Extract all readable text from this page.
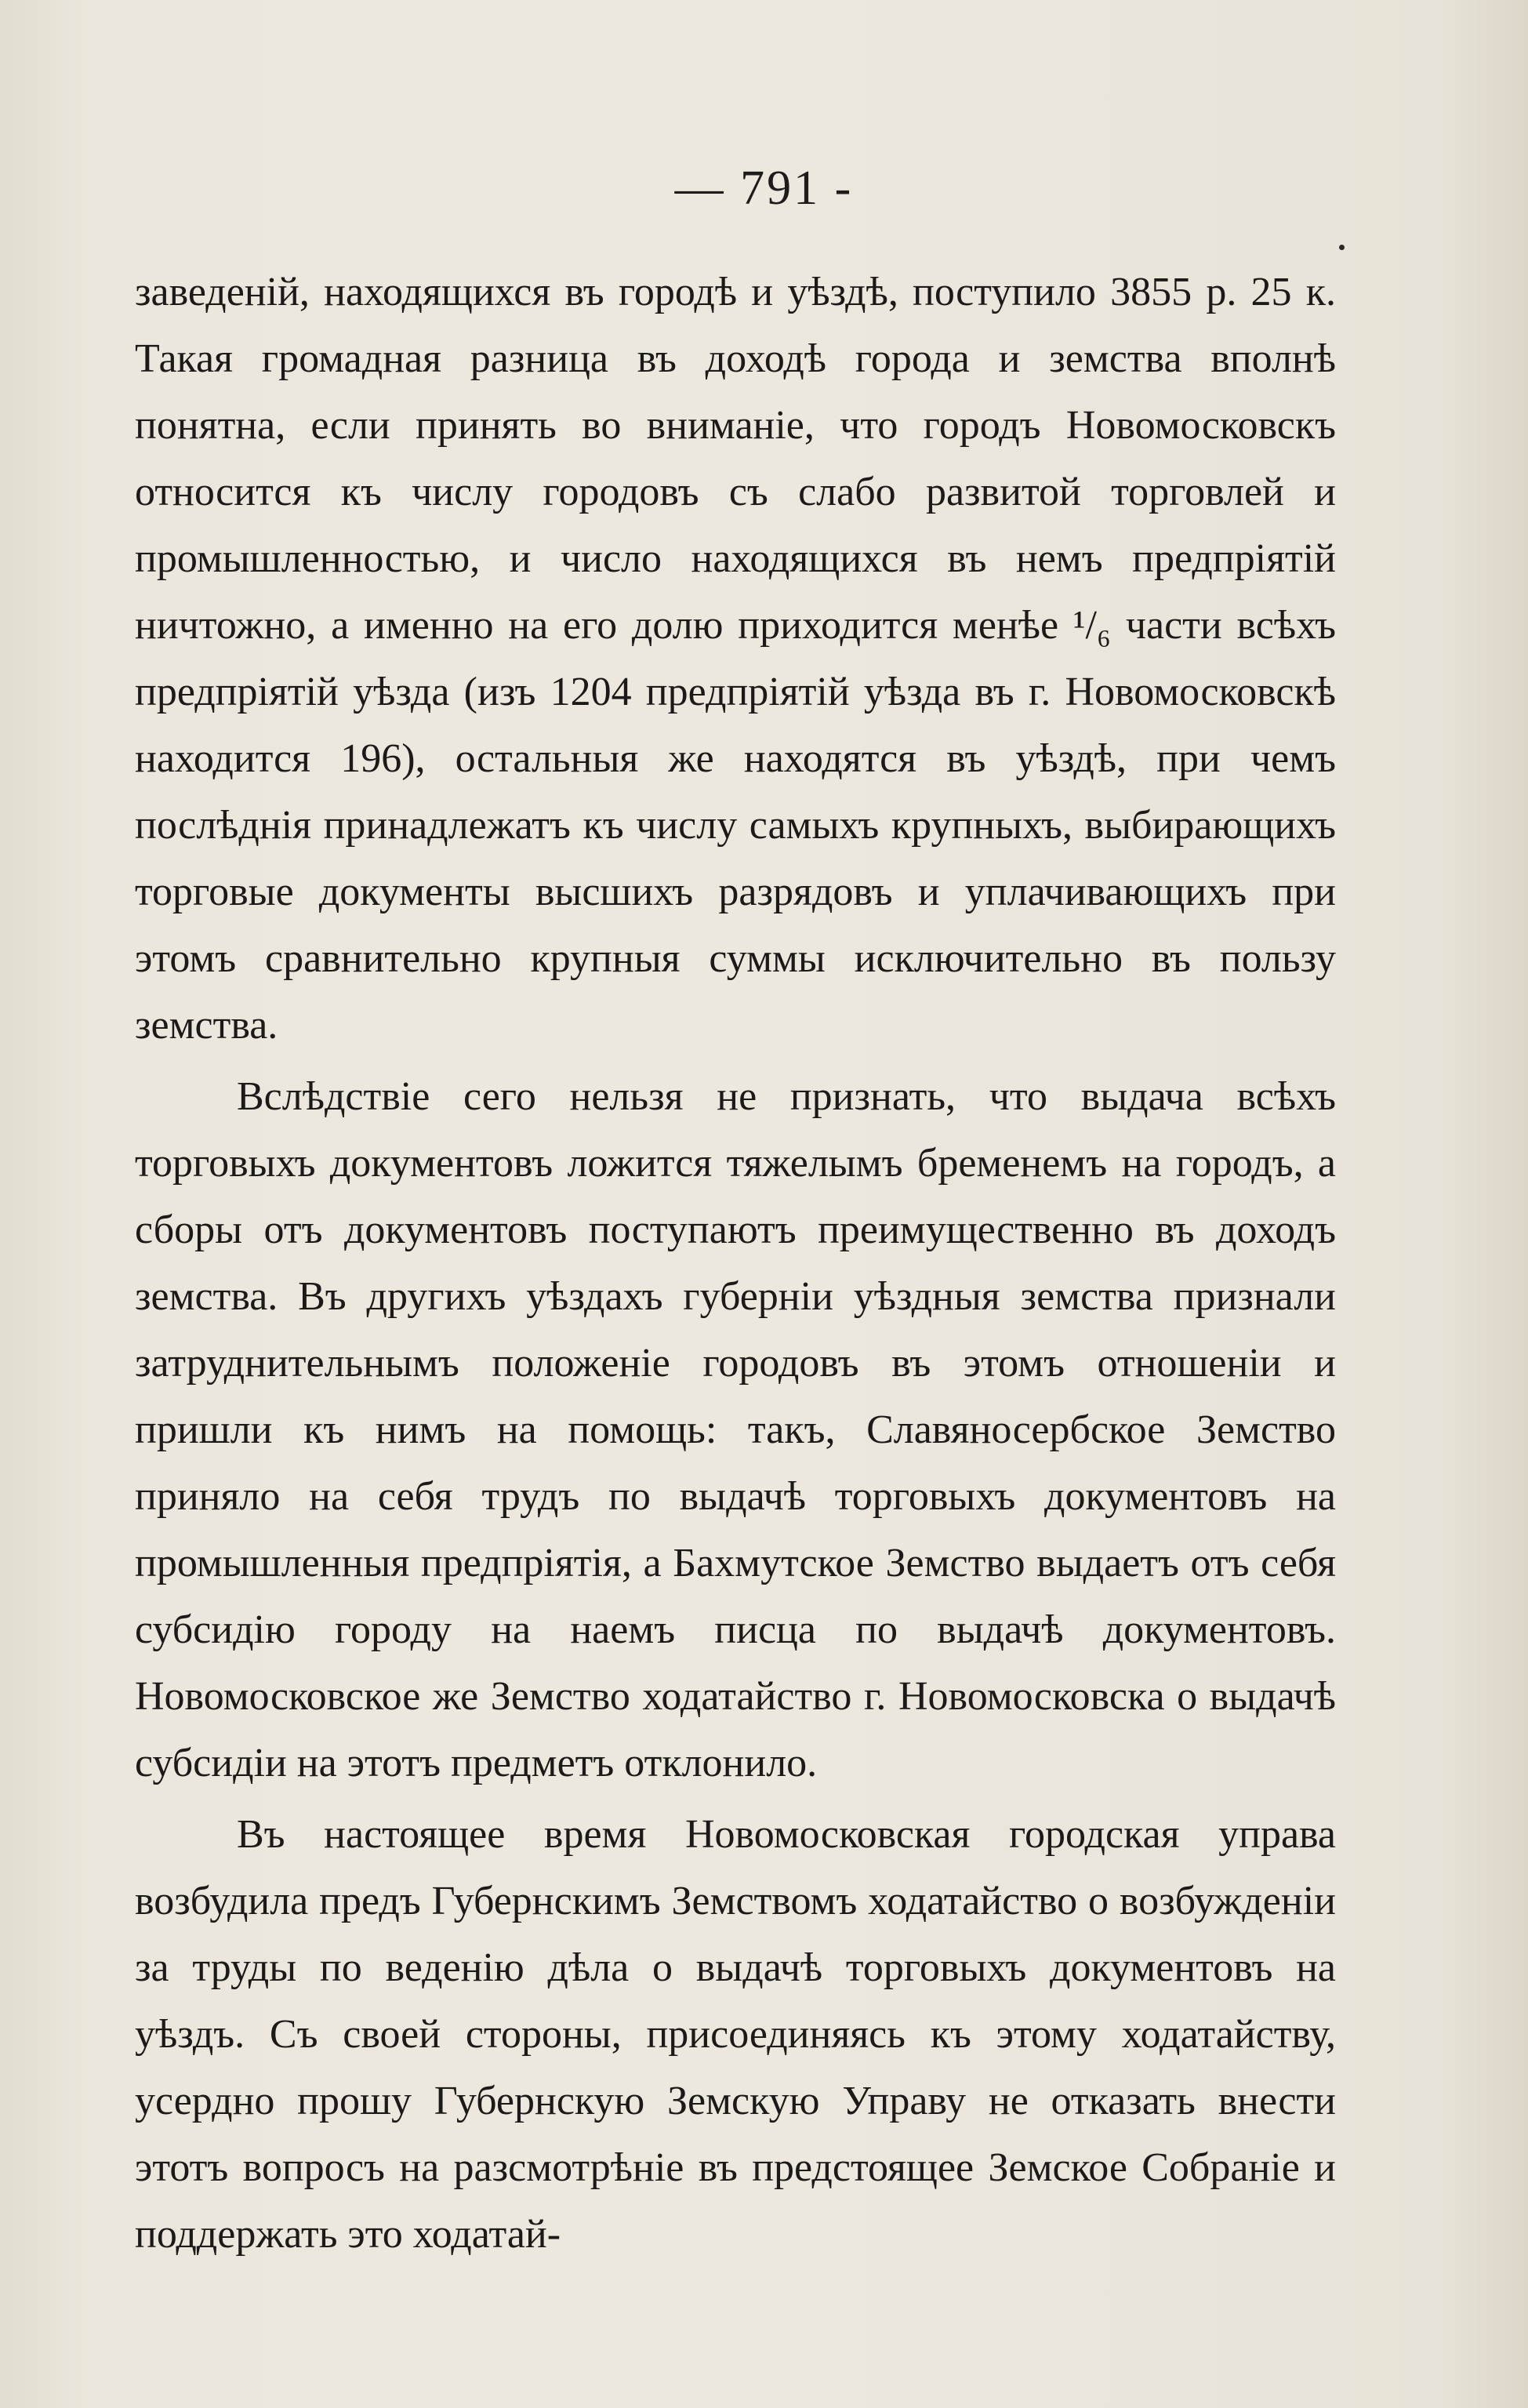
— 791 -

заведеній, находящихся въ городѣ и уѣздѣ, поступило 3855 р. 25 к. Такая громадная разница въ доходѣ города и земства вполнѣ понятна, если принять во вниманіе, что городъ Новомосковскъ относится къ числу городовъ съ слабо развитой торговлей и промышленностью, и число находящихся въ немъ предпріятій ничтожно, а именно на его долю приходится менѣе ¹/₆ части всѣхъ предпріятій уѣзда (изъ 1204 предпріятій уѣзда въ г. Новомосковскѣ находится 196), остальныя же находятся въ уѣздѣ, при чемъ послѣднія принадлежатъ къ числу самыхъ крупныхъ, выбирающихъ торговые документы высшихъ разрядовъ и уплачивающихъ при этомъ сравнительно крупныя суммы исключительно въ пользу земства.

Вслѣдствіе сего нельзя не признать, что выдача всѣхъ торговыхъ документовъ ложится тяжелымъ бременемъ на городъ, а сборы отъ документовъ поступаютъ преимущественно въ доходъ земства. Въ другихъ уѣздахъ губерніи уѣздныя земства признали затруднительнымъ положеніе городовъ въ этомъ отношеніи и пришли къ нимъ на помощь: такъ, Славяносербское Земство приняло на себя трудъ по выдачѣ торговыхъ документовъ на промышленныя предпріятія, а Бахмутское Земство выдаетъ отъ себя субсидію городу на наемъ писца по выдачѣ документовъ. Новомосковское же Земство ходатайство г. Новомосковска о выдачѣ субсидіи на этотъ предметъ отклонило.

Въ настоящее время Новомосковская городская управа возбудила предъ Губернскимъ Земствомъ ходатайство о возбужденіи за труды по веденію дѣла о выдачѣ торговыхъ документовъ на уѣздъ. Съ своей стороны, присоединяясь къ этому ходатайству, усердно прошу Губернскую Земскую Управу не отказать внести этотъ вопросъ на разсмотрѣніе въ предстоящее Земское Собраніе и поддержать это ходатай-
